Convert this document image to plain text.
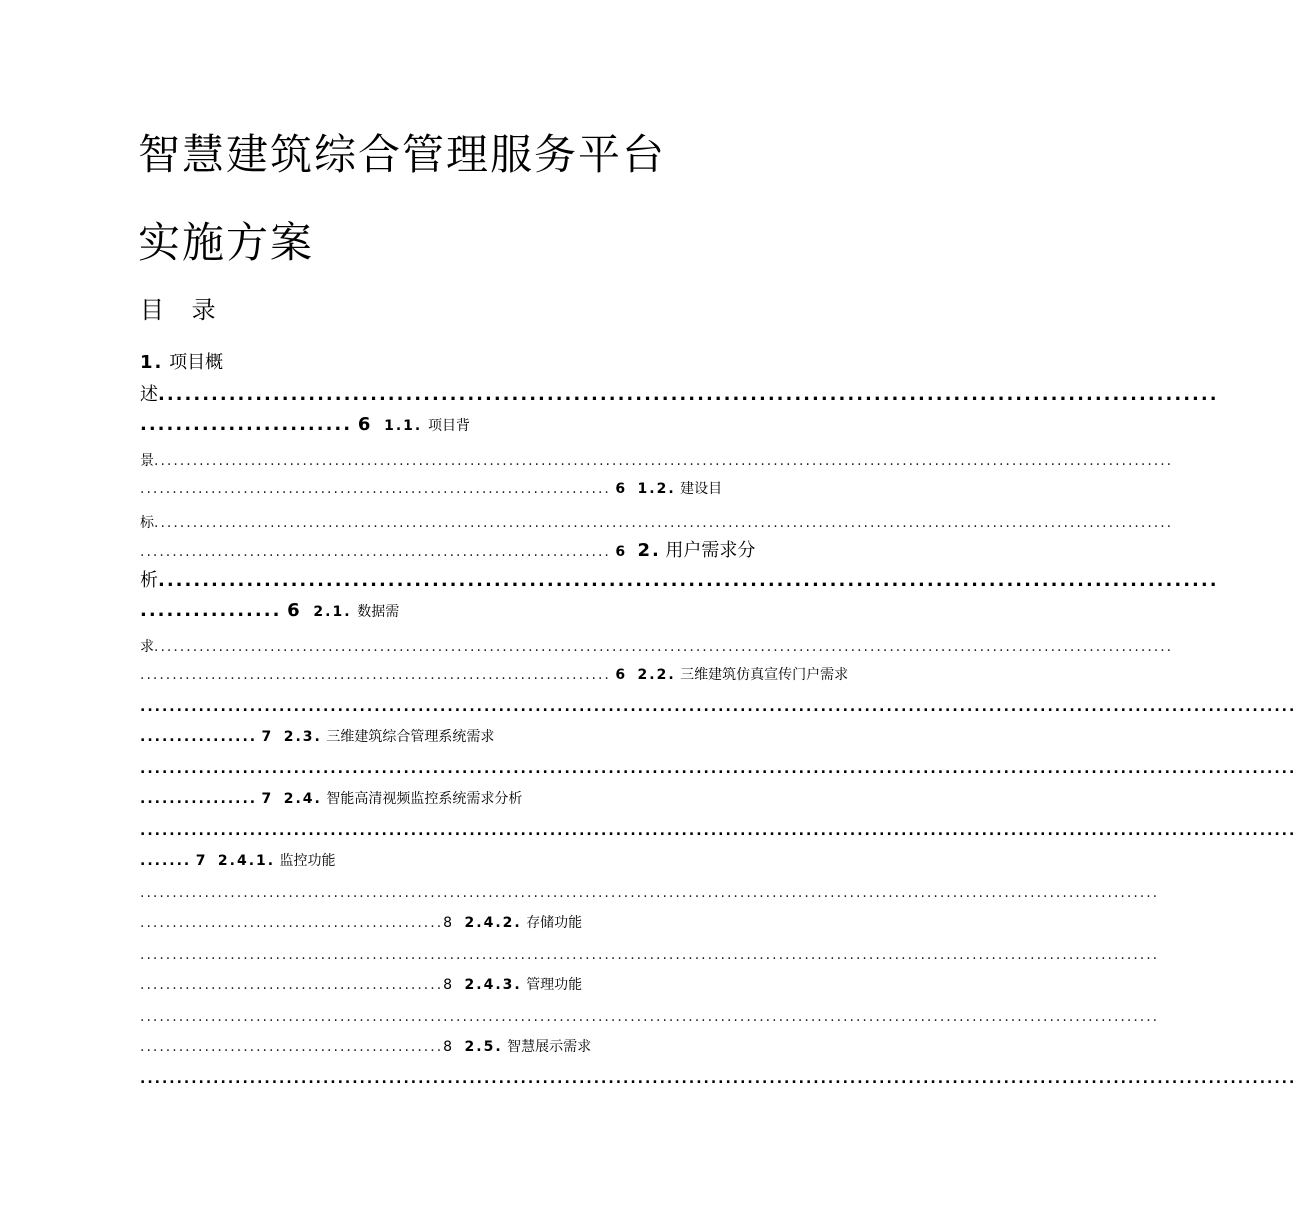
智慧建筑综合管理服务平台
实施方案
目 录
1. 项目概
述........................................................................................................................
........................ 6 1.1. 项目背
景..............................................................................................................................................................
......................................................................... 6 1.2. 建设目
标..............................................................................................................................................................
......................................................................... 6 2. 用户需求分
析........................................................................................................................
................ 6 2.1. 数据需
求..............................................................................................................................................................
......................................................................... 6 2.2. 三维建筑仿真宣传门户需求
..............................................................................................................................................................
................ 7 2.3. 三维建筑综合管理系统需求
..............................................................................................................................................................
................ 7 2.4. 智能高清视频监控系统需求分析
..............................................................................................................................................................
....... 7 2.4.1. 监控功能
..............................................................................................................................................................
...............................................8 2.4.2. 存储功能
..............................................................................................................................................................
...............................................8 2.4.3. 管理功能
..............................................................................................................................................................
...............................................8 2.5. 智慧展示需求
..............................................................................................................................................................
